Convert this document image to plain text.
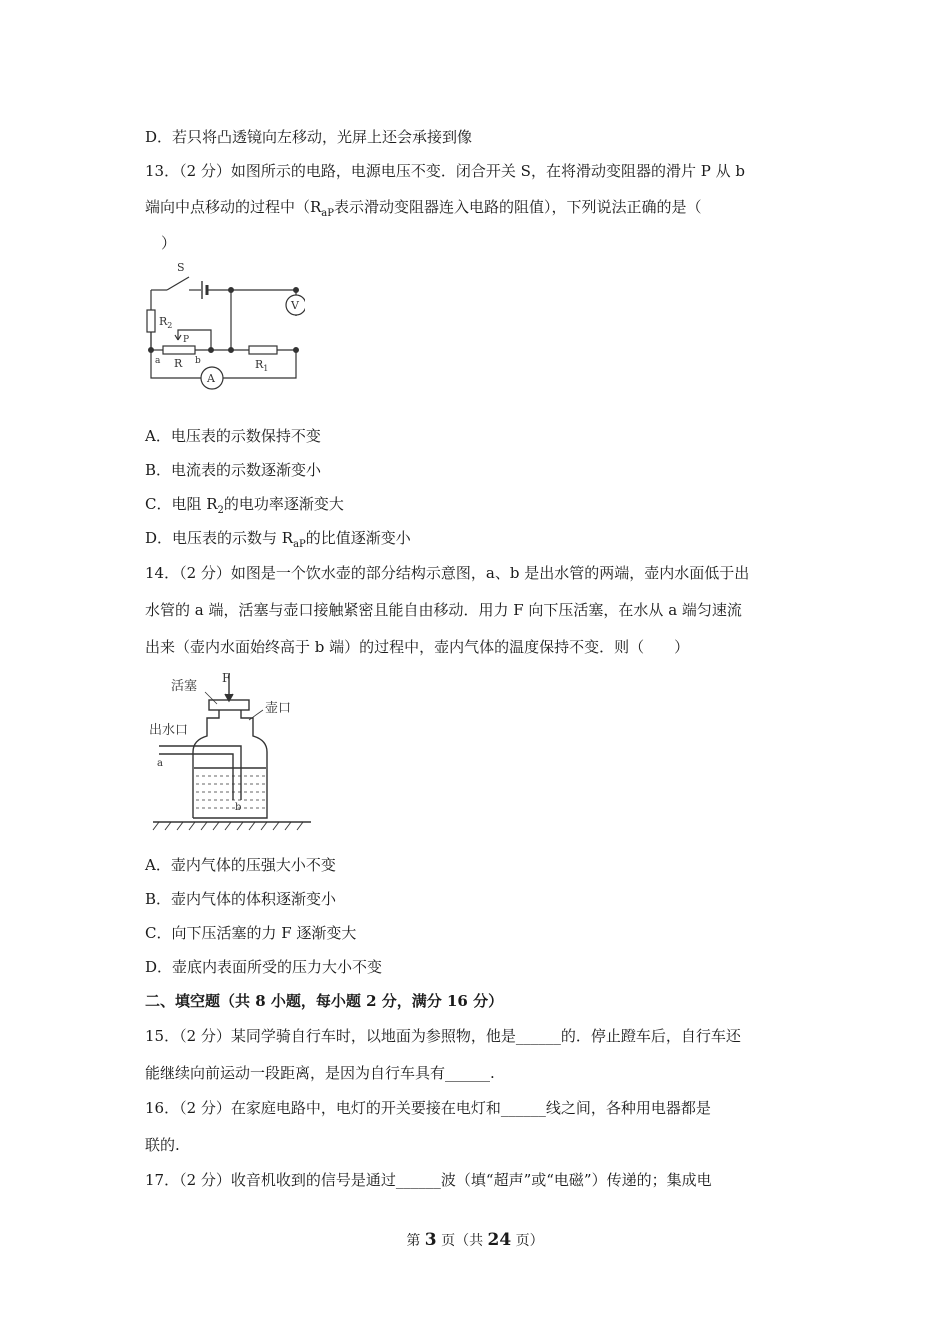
D．若只将凸透镜向左移动，光屏上还会承接到像
13．（2 分）如图所示的电路，电源电压不变．闭合开关 S，在将滑动变阻器的滑片 P 从 b
端向中点移动的过程中（$R_{aP}$表示滑动变阻器连入电路的阻值），下列说法正确的是（
）
S
$R_2$
P
a R b	$R_1$
V
A
A．电压表的示数保持不变
B．电流表的示数逐渐变小
C．电阻 $R_2$的电功率逐渐变大
D．电压表的示数与 $R_{aP}$的比值逐渐变小
14．（2 分）如图是一个饮水壶的部分结构示意图，a、b 是出水管的两端，壶内水面低于出
水管的 a 端，活塞与壶口接触紧密且能自由移动．用力 F 向下压活塞，在水从 a 端匀速流
出来（壶内水面始终高于 b 端）的过程中，壶内气体的温度保持不变．则（　　）
活塞
F
壶口
出水口
a
b
A．壶内气体的压强大小不变
B．壶内气体的体积逐渐变小
C．向下压活塞的力 F 逐渐变大
D．壶底内表面所受的压力大小不变
二、填空题（共 8 小题，每小题 2 分，满分 16 分）
15．（2 分）某同学骑自行车时，以地面为参照物，他是______的．停止蹬车后，自行车还
能继续向前运动一段距离，是因为自行车具有______.
16．（2 分）在家庭电路中，电灯的开关要接在电灯和______线之间，各种用电器都是
联的.
17．（2 分）收音机收到的信号是通过______波（填“超声”或“电磁”）传递的；集成电
第 3 页（共 24 页）
